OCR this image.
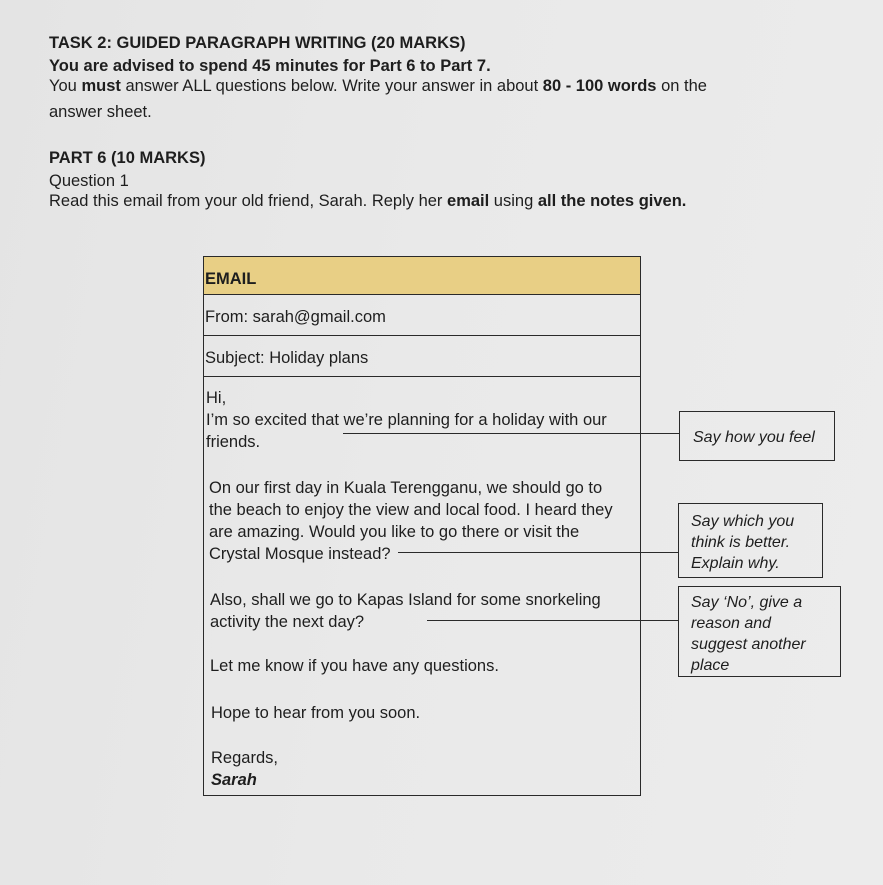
TASK 2: GUIDED PARAGRAPH WRITING (20 MARKS)
You are advised to spend 45 minutes for Part 6 to Part 7.
You must answer ALL questions below. Write your answer in about 80 - 100 words on the
answer sheet.
PART 6 (10 MARKS)
Question 1
Read this email from your old friend, Sarah. Reply her email using all the notes given.
EMAIL
From: sarah@gmail.com
Subject: Holiday plans
Hi,
I’m so excited that we’re planning for a holiday with our
friends.
On our first day in Kuala Terengganu, we should go to
the beach to enjoy the view and local food. I heard they
are amazing. Would you like to go there or visit the
Crystal Mosque instead?
Also, shall we go to Kapas Island for some snorkeling
activity the next day?
Let me know if you have any questions.
Hope to hear from you soon.
Regards,
Sarah
Say how you feel
Say which you
think is better.
Explain why.
Say ‘No’, give a
reason and
suggest another
place
